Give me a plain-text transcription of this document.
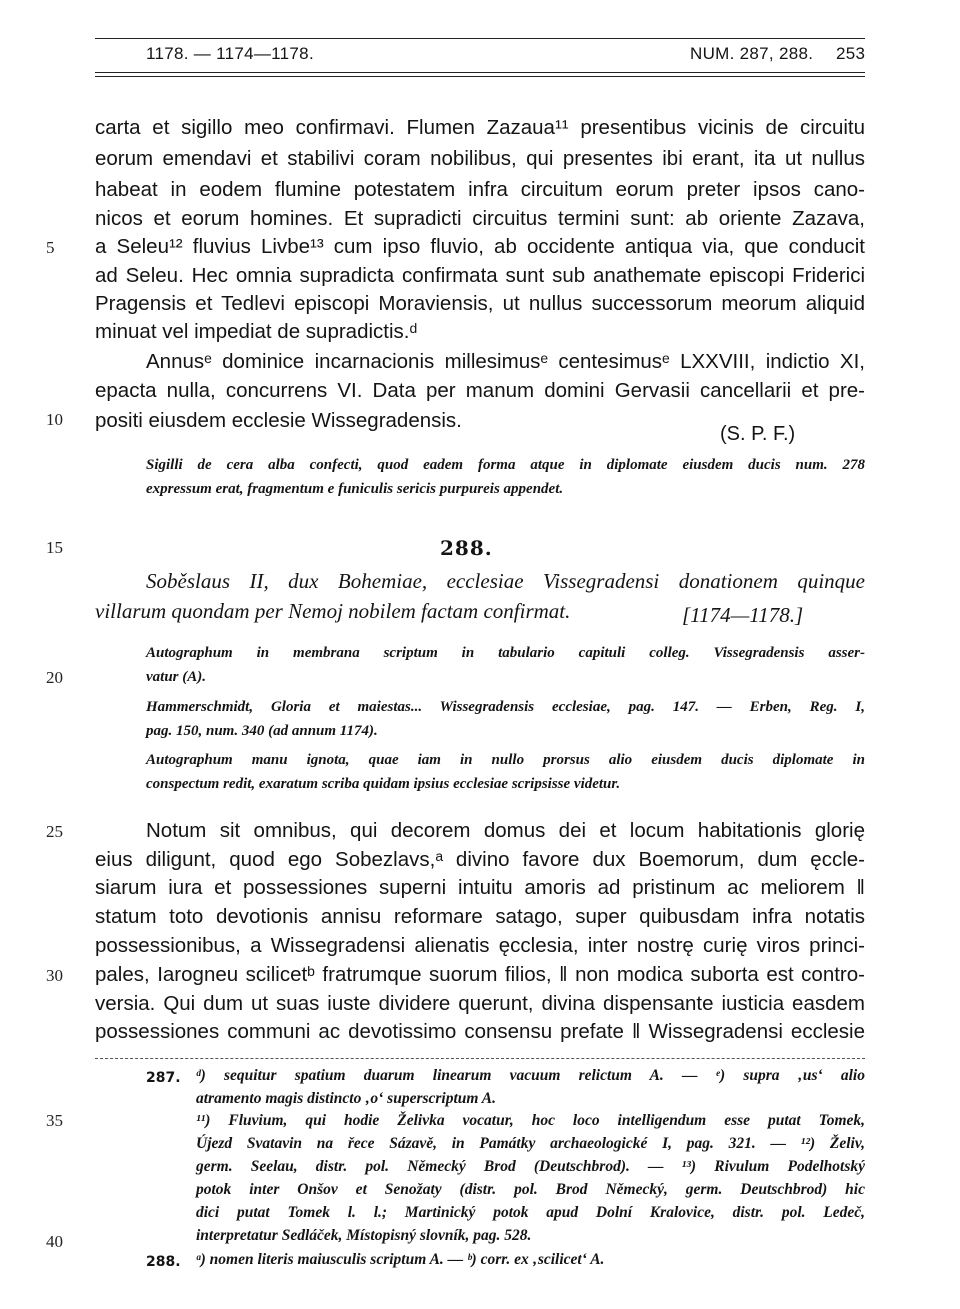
1178. — 1174—1178.	NUM. 287, 288. 253
5
10
15
20
25
30
35
40
carta et sigillo meo confirmavi. Flumen Zazaua¹¹ presentibus vicinis de circuitu
eorum emendavi et stabilivi coram nobilibus, qui presentes ibi erant, ita ut nullus
habeat in eodem flumine potestatem infra circuitum eorum preter ipsos cano-
nicos et eorum homines. Et supradicti circuitus termini sunt: ab oriente Zazava,
a Seleu¹² fluvius Livbe¹³ cum ipso fluvio, ab occidente antiqua via, que conducit
ad Seleu. Hec omnia supradicta confirmata sunt sub anathemate episcopi Friderici
Pragensis et Tedlevi episcopi Moraviensis, ut nullus successorum meorum aliquid
minuat vel impediat de supradictis.ᵈ
Annusᵉ dominice incarnacionis millesimusᵉ centesimusᵉ LXXVIII, indictio XI,
epacta nulla, concurrens VI. Data per manum domini Gervasii cancellarii et pre-
positi eiusdem ecclesie Wissegradensis.
(S. P. F.)
Sigilli de cera alba confecti, quod eadem forma atque in diplomate eiusdem ducis num. 278
expressum erat, fragmentum e funiculis sericis purpureis appendet.
288.
Soběslaus II, dux Bohemiae, ecclesiae Vissegradensi donationem quinque
villarum quondam per Nemoj nobilem factam confirmat.	[1174—1178.]
Autographum in membrana scriptum in tabulario capituli colleg. Vissegradensis asser-
vatur (A).
Hammerschmidt, Gloria et maiestas... Wissegradensis ecclesiae, pag. 147. — Erben, Reg. I,
pag. 150, num. 340 (ad annum 1174).
Autographum manu ignota, quae iam in nullo prorsus alio eiusdem ducis diplomate in
conspectum redit, exaratum scriba quidam ipsius ecclesiae scripsisse videtur.
Notum sit omnibus, qui decorem domus dei et locum habitationis glorię
eius diligunt, quod ego Sobezlavs,ᵃ divino favore dux Boemorum, dum ęccle-
siarum iura et possessiones superni intuitu amoris ad pristinum ac meliorem ‖
statum toto devotionis annisu reformare satago, super quibusdam infra notatis
possessionibus, a Wissegradensi alienatis ęcclesia, inter nostrę curię viros princi-
pales, Iarogneu scilicetᵇ fratrumque suorum filios, ‖ non modica suborta est contro-
versia. Qui dum ut suas iuste dividere querunt, divina dispensante iusticia easdem
possessiones communi ac devotissimo consensu prefate ‖ Wissegradensi ecclesie
287. ᵈ) sequitur spatium duarum linearum vacuum relictum A. — ᵉ) supra ‚us‘ alio
atramento magis distincto ‚o‘ superscriptum A.
¹¹) Fluvium, qui hodie Želivka vocatur, hoc loco intelligendum esse putat Tomek,
Újezd Svatavin na řece Sázavě, in Památky archaeologické I, pag. 321. — ¹²) Želiv,
germ. Seelau, distr. pol. Německý Brod (Deutschbrod). — ¹³) Rivulum Podelhotský
potok inter Onšov et Senožaty (distr. pol. Brod Německý, germ. Deutschbrod) hic
dici putat Tomek l. l.; Martinický potok apud Dolní Kralovice, distr. pol. Ledeč,
interpretatur Sedláček, Místopisný slovník, pag. 528.
288. ᵃ) nomen literis maiusculis scriptum A. — ᵇ) corr. ex ‚scilicet‘ A.
